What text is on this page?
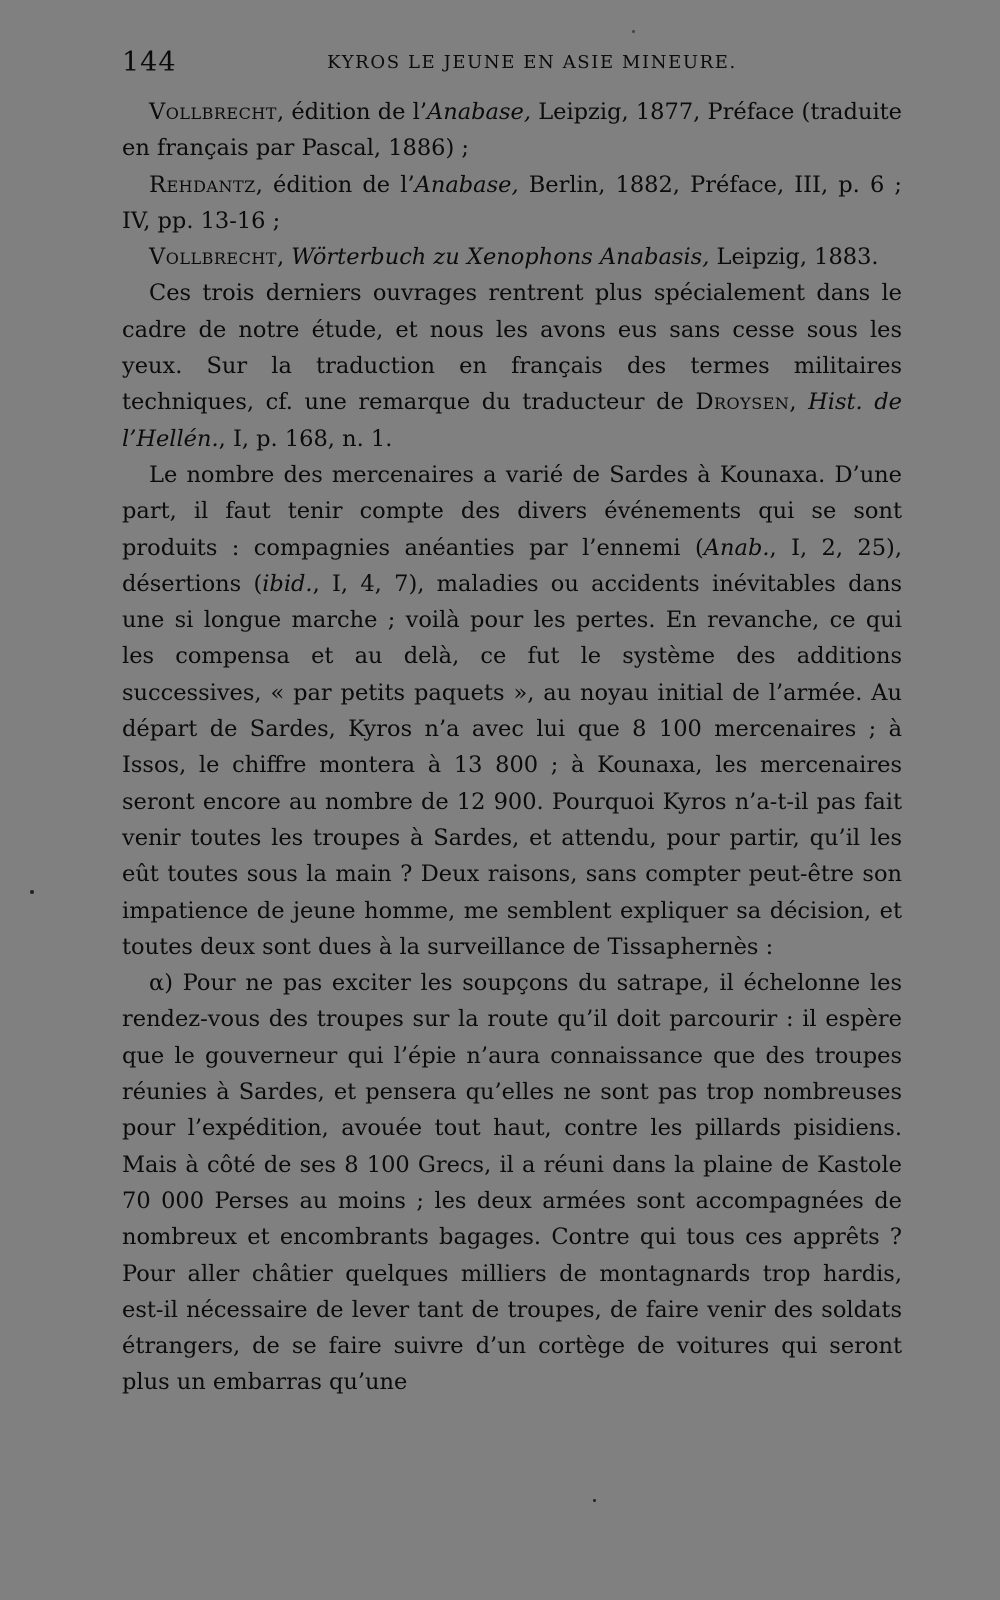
144	KYROS LE JEUNE EN ASIE MINEURE.

Vollbrecht, édition de l’Anabase, Leipzig, 1877, Préface (traduite en français par Pascal, 1886) ;

Rehdantz, édition de l’Anabase, Berlin, 1882, Préface, III, p. 6 ; IV, pp. 13-16 ;

Vollbrecht, Wörterbuch zu Xenophons Anabasis, Leipzig, 1883.

Ces trois derniers ouvrages rentrent plus spécialement dans le cadre de notre étude, et nous les avons eus sans cesse sous les yeux. Sur la traduction en français des termes militaires techniques, cf. une remarque du traducteur de Droysen, Hist. de l’Hellén., I, p. 168, n. 1.

Le nombre des mercenaires a varié de Sardes à Kounaxa. D’une part, il faut tenir compte des divers événements qui se sont produits : compagnies anéanties par l’ennemi (Anab., I, 2, 25), désertions (ibid., I, 4, 7), maladies ou accidents inévitables dans une si longue marche ; voilà pour les pertes. En revanche, ce qui les compensa et au delà, ce fut le système des additions successives, « par petits paquets », au noyau initial de l’armée. Au départ de Sardes, Kyros n’a avec lui que 8 100 mercenaires ; à Issos, le chiffre montera à 13 800 ; à Kounaxa, les mercenaires seront encore au nombre de 12 900. Pourquoi Kyros n’a-t-il pas fait venir toutes les troupes à Sardes, et attendu, pour partir, qu’il les eût toutes sous la main ? Deux raisons, sans compter peut-être son impatience de jeune homme, me semblent expliquer sa décision, et toutes deux sont dues à la surveillance de Tissaphernès :

α) Pour ne pas exciter les soupçons du satrape, il échelonne les rendez-vous des troupes sur la route qu’il doit parcourir : il espère que le gouverneur qui l’épie n’aura connaissance que des troupes réunies à Sardes, et pensera qu’elles ne sont pas trop nombreuses pour l’expédition, avouée tout haut, contre les pillards pisidiens. Mais à côté de ses 8 100 Grecs, il a réuni dans la plaine de Kastole 70 000 Perses au moins ; les deux armées sont accompagnées de nombreux et encombrants bagages. Contre qui tous ces apprêts ? Pour aller châtier quelques milliers de montagnards trop hardis, est-il nécessaire de lever tant de troupes, de faire venir des soldats étrangers, de se faire suivre d’un cortège de voitures qui seront plus un embarras qu’une
